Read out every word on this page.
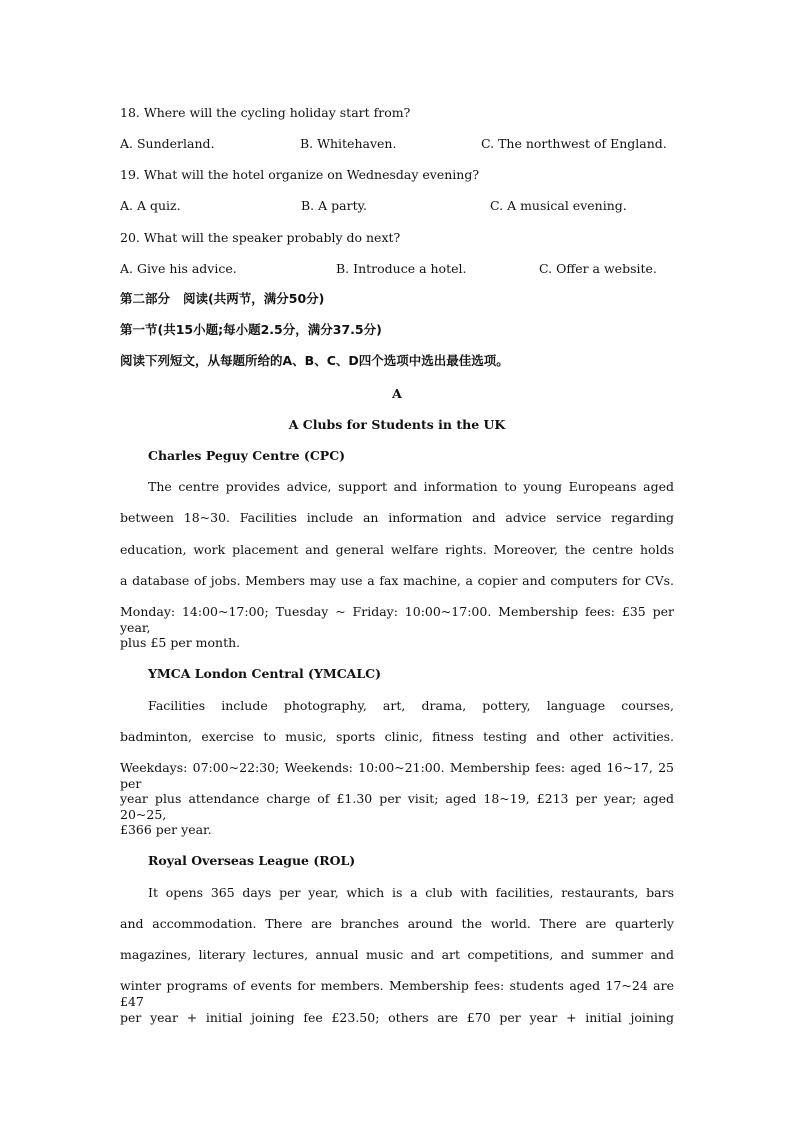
18. Where will the cycling holiday start from?
A. Sunderland.	B. Whitehaven.	C. The northwest of England.
19. What will the hotel organize on Wednesday evening?
A. A quiz.	B. A party.	C. A musical evening.
20. What will the speaker probably do next?
A. Give his advice.	B. Introduce a hotel.	C. Offer a website.
第二部分   阅读(共两节，满分50分)
第一节(共15小题;每小题2.5分，满分37.5分)
阅读下列短文，从每题所给的A、B、C、D四个选项中选出最佳选项。
A
A Clubs for Students in the UK
Charles Peguy Centre (CPC)
The centre provides advice, support and information to young Europeans aged
between 18~30. Facilities include an information and advice service regarding
education, work placement and general welfare rights. Moreover, the centre holds
a database of jobs. Members may use a fax machine, a copier and computers for CVs.
Monday: 14:00~17:00; Tuesday ~ Friday: 10:00~17:00. Membership fees: £35 per year,
plus £5 per month.
YMCA London Central (YMCALC)
Facilities include photography, art, drama, pottery, language courses,
badminton, exercise to music, sports clinic, fitness testing and other activities.
Weekdays: 07:00~22:30; Weekends: 10:00~21:00. Membership fees: aged 16~17, 25 per
year plus attendance charge of £1.30 per visit; aged 18~19, £213 per year; aged 20~25,
£366 per year.
Royal Overseas League (ROL)
It opens 365 days per year, which is a club with facilities, restaurants, bars
and accommodation. There are branches around the world. There are quarterly
magazines, literary lectures, annual music and art competitions, and summer and
winter programs of events for members. Membership fees: students aged 17~24 are £47
per year + initial joining fee £23.50; others are £70 per year + initial joining
